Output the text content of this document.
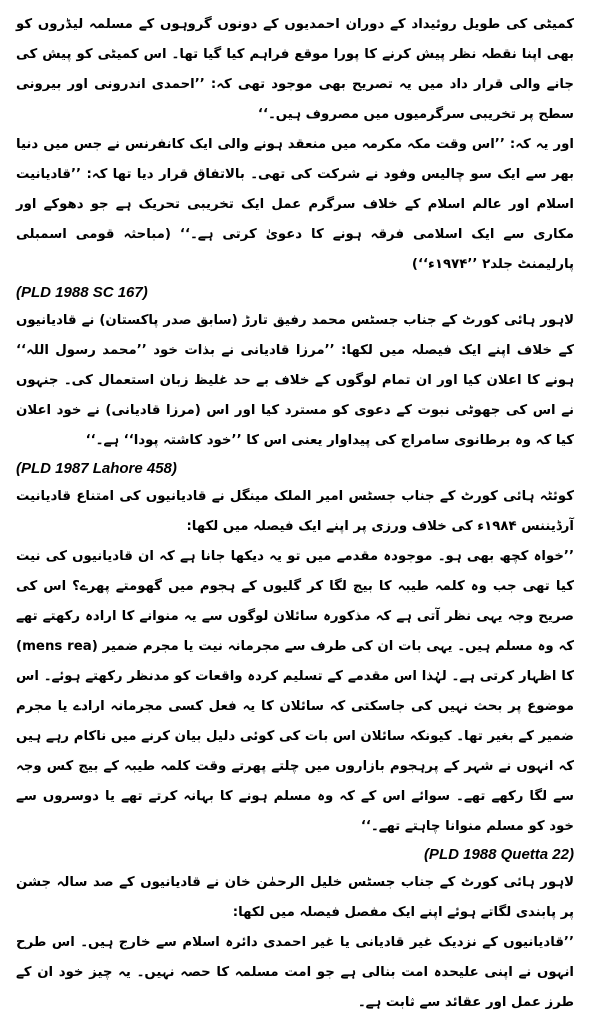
کمیٹی کی طویل روئیداد کے دوران احمدیوں کے دونوں گروہوں کے مسلمہ لیڈروں کو بھی اپنا نقطہ نظر پیش کرنے کا پورا موقع فراہم کیا گیا تھا۔ اس کمیٹی کو پیش کی جانے والی قرار داد میں یہ تصریح بھی موجود تھی کہ: ’’احمدی اندرونی اور بیرونی سطح پر تخریبی سرگرمیوں میں مصروف ہیں۔‘‘

اور یہ کہ: ’’اس وقت مکہ مکرمہ میں منعقد ہونے والی ایک کانفرنس نے جس میں دنیا بھر سے ایک سو چالیس وفود نے شرکت کی تھی۔ بالاتفاق قرار دیا تھا کہ: ’’قادیانیت اسلام اور عالم اسلام کے خلاف سرگرم عمل ایک تخریبی تحریک ہے جو دھوکے اور مکاری سے ایک اسلامی فرقہ ہونے کا دعویٰ کرتی ہے۔‘‘ (مباحثہ قومی اسمبلی پارلیمنٹ جلد۲ ’’۱۹۷۴ء‘‘)

(PLD 1988 SC 167)

لاہور ہائی کورٹ کے جناب جسٹس محمد رفیق تارڑ (سابق صدر پاکستان) نے قادیانیوں کے خلاف اپنے ایک فیصلہ میں لکھا: ’’مرزا قادیانی نے بذات خود ’’محمد رسول اللہ‘‘ ہونے کا اعلان کیا اور ان تمام لوگوں کے خلاف بے حد غلیظ زبان استعمال کی۔ جنہوں نے اس کی جھوٹی نبوت کے دعوی کو مسترد کیا اور اس (مرزا قادیانی) نے خود اعلان کیا کہ وہ برطانوی سامراج کی پیداوار یعنی اس کا ’’خود کاشتہ پودا‘‘ ہے۔‘‘

(PLD 1987 Lahore 458)

کوئٹہ ہائی کورٹ کے جناب جسٹس امیر الملک مینگل نے قادیانیوں کی امتناع قادیانیت آرڈیننس ۱۹۸۴ء کی خلاف ورزی پر اپنے ایک فیصلہ میں لکھا:

’’خواہ کچھ بھی ہو۔ موجودہ مقدمے میں تو یہ دیکھا جانا ہے کہ ان قادیانیوں کی نیت کیا تھی جب وہ کلمہ طیبہ کا بیج لگا کر گلیوں کے ہجوم میں گھومتے پھرے؟ اس کی صریح وجہ یہی نظر آتی ہے کہ مذکورہ سائلان لوگوں سے یہ منوانے کا ارادہ رکھتے تھے کہ وہ مسلم ہیں۔ یہی بات ان کی طرف سے مجرمانہ نیت یا مجرم ضمیر (mens rea) کا اظہار کرتی ہے۔ لہٰذا اس مقدمے کے تسلیم کردہ واقعات کو مدنظر رکھتے ہوئے۔ اس موضوع پر بحث نہیں کی جاسکتی کہ سائلان کا یہ فعل کسی مجرمانہ ارادے یا مجرم ضمیر کے بغیر تھا۔ کیونکہ سائلان اس بات کی کوئی دلیل بیان کرنے میں ناکام رہے ہیں کہ انہوں نے شہر کے پرہجوم بازاروں میں چلتے پھرتے وقت کلمہ طیبہ کے بیج کس وجہ سے لگا رکھے تھے۔ سوائے اس کے کہ وہ مسلم ہونے کا بہانہ کرتے تھے یا دوسروں سے خود کو مسلم منوانا چاہتے تھے۔‘‘

(PLD 1988 Quetta 22)

لاہور ہائی کورٹ کے جناب جسٹس خلیل الرحمٰن خان نے قادیانیوں کے صد سالہ جشن پر پابندی لگاتے ہوئے اپنے ایک مفصل فیصلہ میں لکھا:

’’قادیانیوں کے نزدیک غیر قادیانی یا غیر احمدی دائرہ اسلام سے خارج ہیں۔ اس طرح انہوں نے اپنی علیحدہ امت بنالی ہے جو امت مسلمہ کا حصہ نہیں۔ یہ چیز خود ان کے طرز عمل اور عقائد سے ثابت ہے۔
